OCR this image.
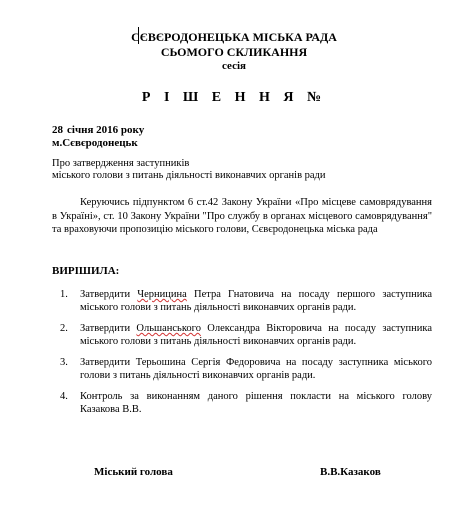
СЄВЄРОДОНЕЦЬКА МІСЬКА РАДА
СЬОМОГО СКЛИКАННЯ
сесія
Р І Ш Е Н Н Я №
28 січня 2016 року
м.Сєвєродонецьк
Про затвердження заступників
міського голови з питань діяльності виконавчих органів ради
Керуючись підпунктом 6 ст.42 Закону України «Про місцеве самоврядування в Україні», ст. 10 Закону України "Про службу в органах місцевого самоврядування" та враховуючи пропозицію міського голови, Сєвєродонецька міська рада
ВИРІШИЛА:
1. Затвердити Черницина Петра Гнатовича на посаду першого заступника міського голови з питань діяльності виконавчих органів ради.
2. Затвердити Ольшанського Олександра Вікторовича на посаду заступника міського голови з питань діяльності виконавчих органів ради.
3. Затвердити Терьошина Сергія Федоровича на посаду заступника міського голови з питань діяльності виконавчих органів ради.
4. Контроль за виконанням даного рішення покласти на міського голову Казакова В.В.
Міський голова	В.В.Казаков
